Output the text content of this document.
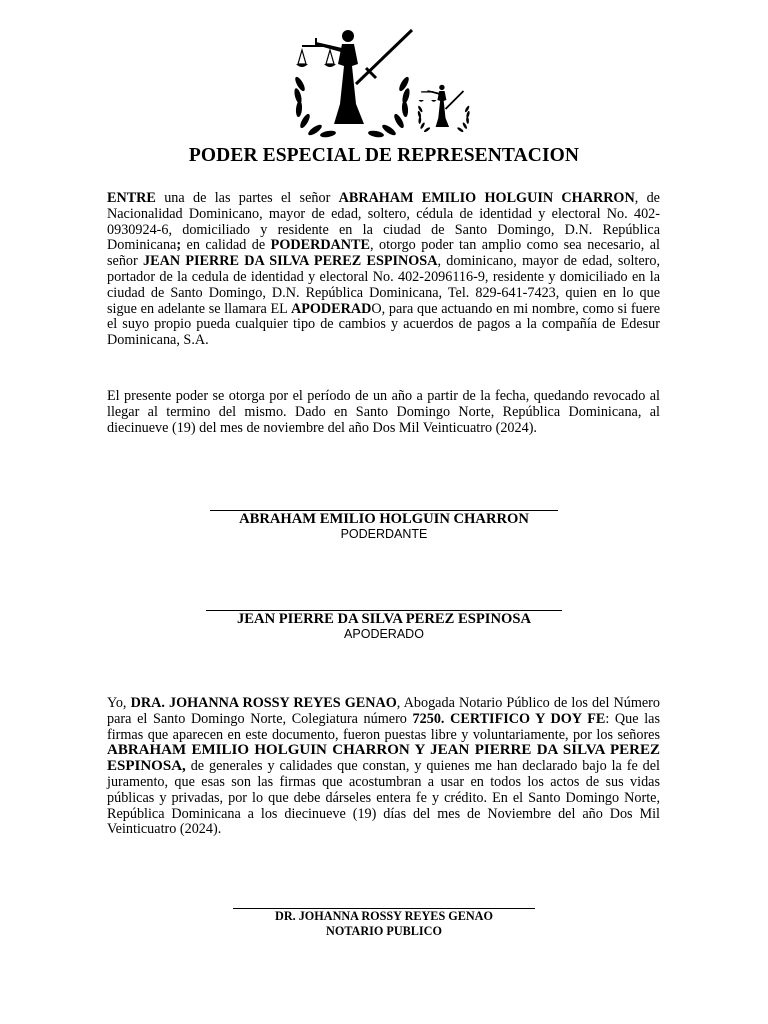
PODER ESPECIAL DE REPRESENTACION
ENTRE una de las partes el señor ABRAHAM EMILIO HOLGUIN CHARRON, de Nacionalidad Dominicano, mayor de edad, soltero, cédula de identidad y electoral No. 402-0930924-6, domiciliado y residente en la ciudad de Santo Domingo, D.N. República Dominicana; en calidad de PODERDANTE, otorgo poder tan amplio como sea necesario, al señor JEAN PIERRE DA SILVA PEREZ ESPINOSA, dominicano, mayor de edad, soltero, portador de la cedula de identidad y electoral No. 402-2096116-9, residente y domiciliado en la ciudad de Santo Domingo, D.N. República Dominicana, Tel. 829-641-7423, quien en lo que sigue en adelante se llamara EL APODERADO, para que actuando en mi nombre, como si fuere el suyo propio pueda cualquier tipo de cambios y acuerdos de pagos a la compañía de Edesur Dominicana, S.A.
El presente poder se otorga por el período de un año a partir de la fecha, quedando revocado al llegar al termino del mismo. Dado en Santo Domingo Norte, República Dominicana, al diecinueve (19) del mes de noviembre del año Dos Mil Veinticuatro (2024).
ABRAHAM EMILIO HOLGUIN CHARRON
PODERDANTE
JEAN PIERRE DA SILVA PEREZ ESPINOSA
APODERADO
Yo, DRA. JOHANNA ROSSY REYES GENAO, Abogada Notario Público de los del Número para el Santo Domingo Norte, Colegiatura número 7250. CERTIFICO Y DOY FE: Que las firmas que aparecen en este documento, fueron puestas libre y voluntariamente, por los señores ABRAHAM EMILIO HOLGUIN CHARRON Y JEAN PIERRE DA SILVA PEREZ ESPINOSA, de generales y calidades que constan, y quienes me han declarado bajo la fe del juramento, que esas son las firmas que acostumbran a usar en todos los actos de sus vidas públicas y privadas, por lo que debe dárseles entera fe y crédito. En el Santo Domingo Norte, República Dominicana a los diecinueve (19) días del mes de Noviembre del año Dos Mil Veinticuatro (2024).
DR. JOHANNA ROSSY REYES GENAO
NOTARIO PUBLICO
